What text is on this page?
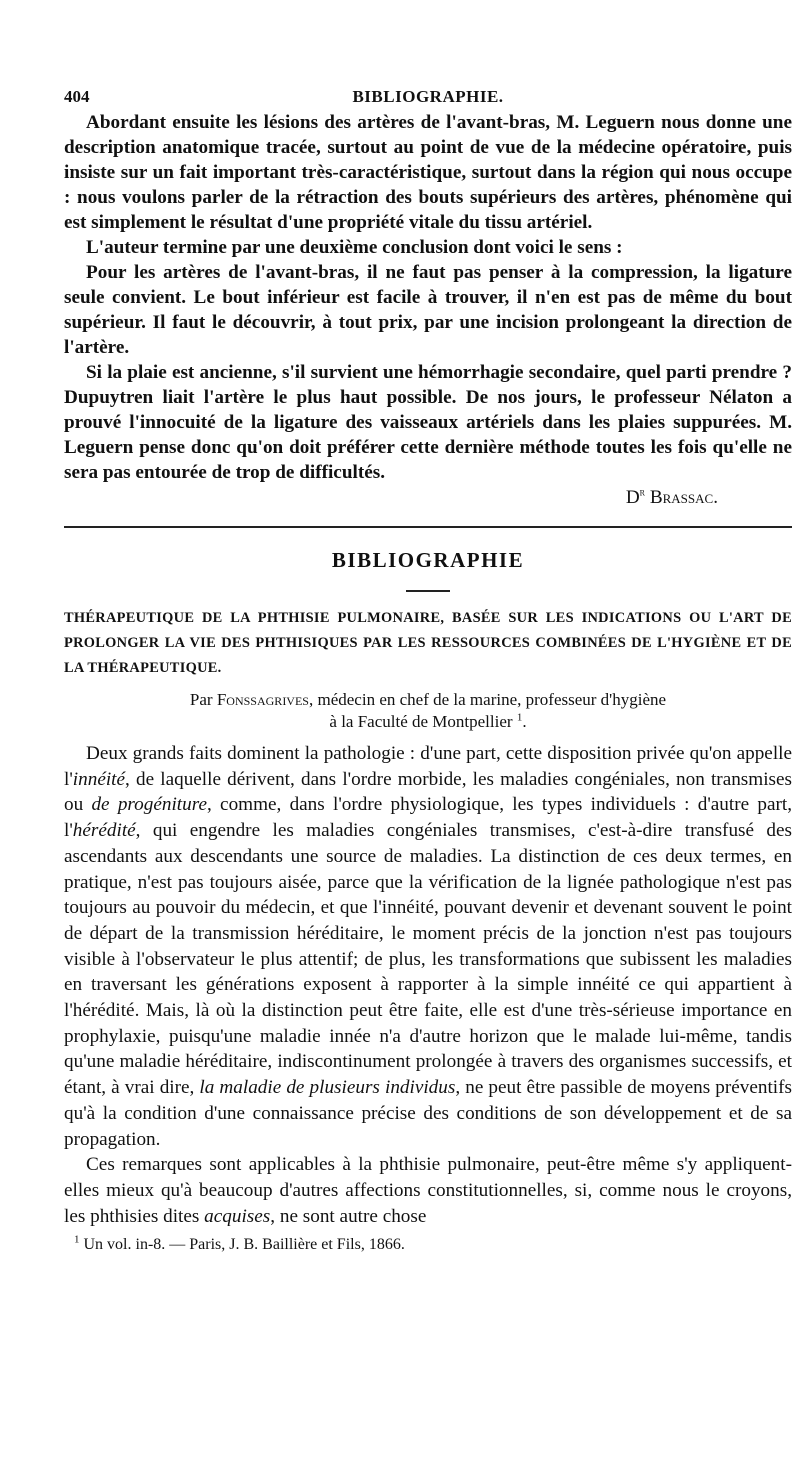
404	BIBLIOGRAPHIE.

Abordant ensuite les lésions des artères de l'avant-bras, M. Leguern nous donne une description anatomique tracée, surtout au point de vue de la médecine opératoire, puis insiste sur un fait important très-caractéristique, surtout dans la région qui nous occupe : nous voulons parler de la rétraction des bouts supérieurs des artères, phénomène qui est simplement le résultat d'une propriété vitale du tissu artériel.

L'auteur termine par une deuxième conclusion dont voici le sens :

Pour les artères de l'avant-bras, il ne faut pas penser à la compression, la ligature seule convient. Le bout inférieur est facile à trouver, il n'en est pas de même du bout supérieur. Il faut le découvrir, à tout prix, par une incision prolongeant la direction de l'artère.

Si la plaie est ancienne, s'il survient une hémorrhagie secondaire, quel parti prendre ? Dupuytren liait l'artère le plus haut possible. De nos jours, le professeur Nélaton a prouvé l'innocuité de la ligature des vaisseaux artériels dans les plaies suppurées. M. Leguern pense donc qu'on doit préférer cette dernière méthode toutes les fois qu'elle ne sera pas entourée de trop de difficultés.

$D^r$ Brassac.
BIBLIOGRAPHIE

THÉRAPEUTIQUE DE LA PHTHISIE PULMONAIRE, BASÉE SUR LES INDICATIONS OU L'ART DE PROLONGER LA VIE DES PHTHISIQUES PAR LES RESSOURCES COMBINÉES DE L'HYGIÈNE ET DE LA THÉRAPEUTIQUE.

Par Fonssagrives, médecin en chef de la marine, professeur d'hygiène
à la Faculté de Montpellier $^1$.

Deux grands faits dominent la pathologie : d'une part, cette disposition privée qu'on appelle l'innéité, de laquelle dérivent, dans l'ordre morbide, les maladies congéniales, non transmises ou de progéniture, comme, dans l'ordre physiologique, les types individuels : d'autre part, l'hérédité, qui engendre les maladies congéniales transmises, c'est-à-dire transfusé des ascendants aux descendants une source de maladies. La distinction de ces deux termes, en pratique, n'est pas toujours aisée, parce que la vérification de la lignée pathologique n'est pas toujours au pouvoir du médecin, et que l'innéité, pouvant devenir et devenant souvent le point de départ de la transmission héréditaire, le moment précis de la jonction n'est pas toujours visible à l'observateur le plus attentif; de plus, les transformations que subissent les maladies en traversant les générations exposent à rapporter à la simple innéité ce qui appartient à l'hérédité. Mais, là où la distinction peut être faite, elle est d'une très-sérieuse importance en prophylaxie, puisqu'une maladie innée n'a d'autre horizon que le malade lui-même, tandis qu'une maladie héréditaire, indiscontinument prolongée à travers des organismes successifs, et étant, à vrai dire, la maladie de plusieurs individus, ne peut être passible de moyens préventifs qu'à la condition d'une connaissance précise des conditions de son développement et de sa propagation.

Ces remarques sont applicables à la phthisie pulmonaire, peut-être même s'y appliquent-elles mieux qu'à beaucoup d'autres affections constitutionnelles, si, comme nous le croyons, les phthisies dites acquises, ne sont autre chose

$^1$ Un vol. in-8. — Paris, J. B. Baillière et Fils, 1866.
